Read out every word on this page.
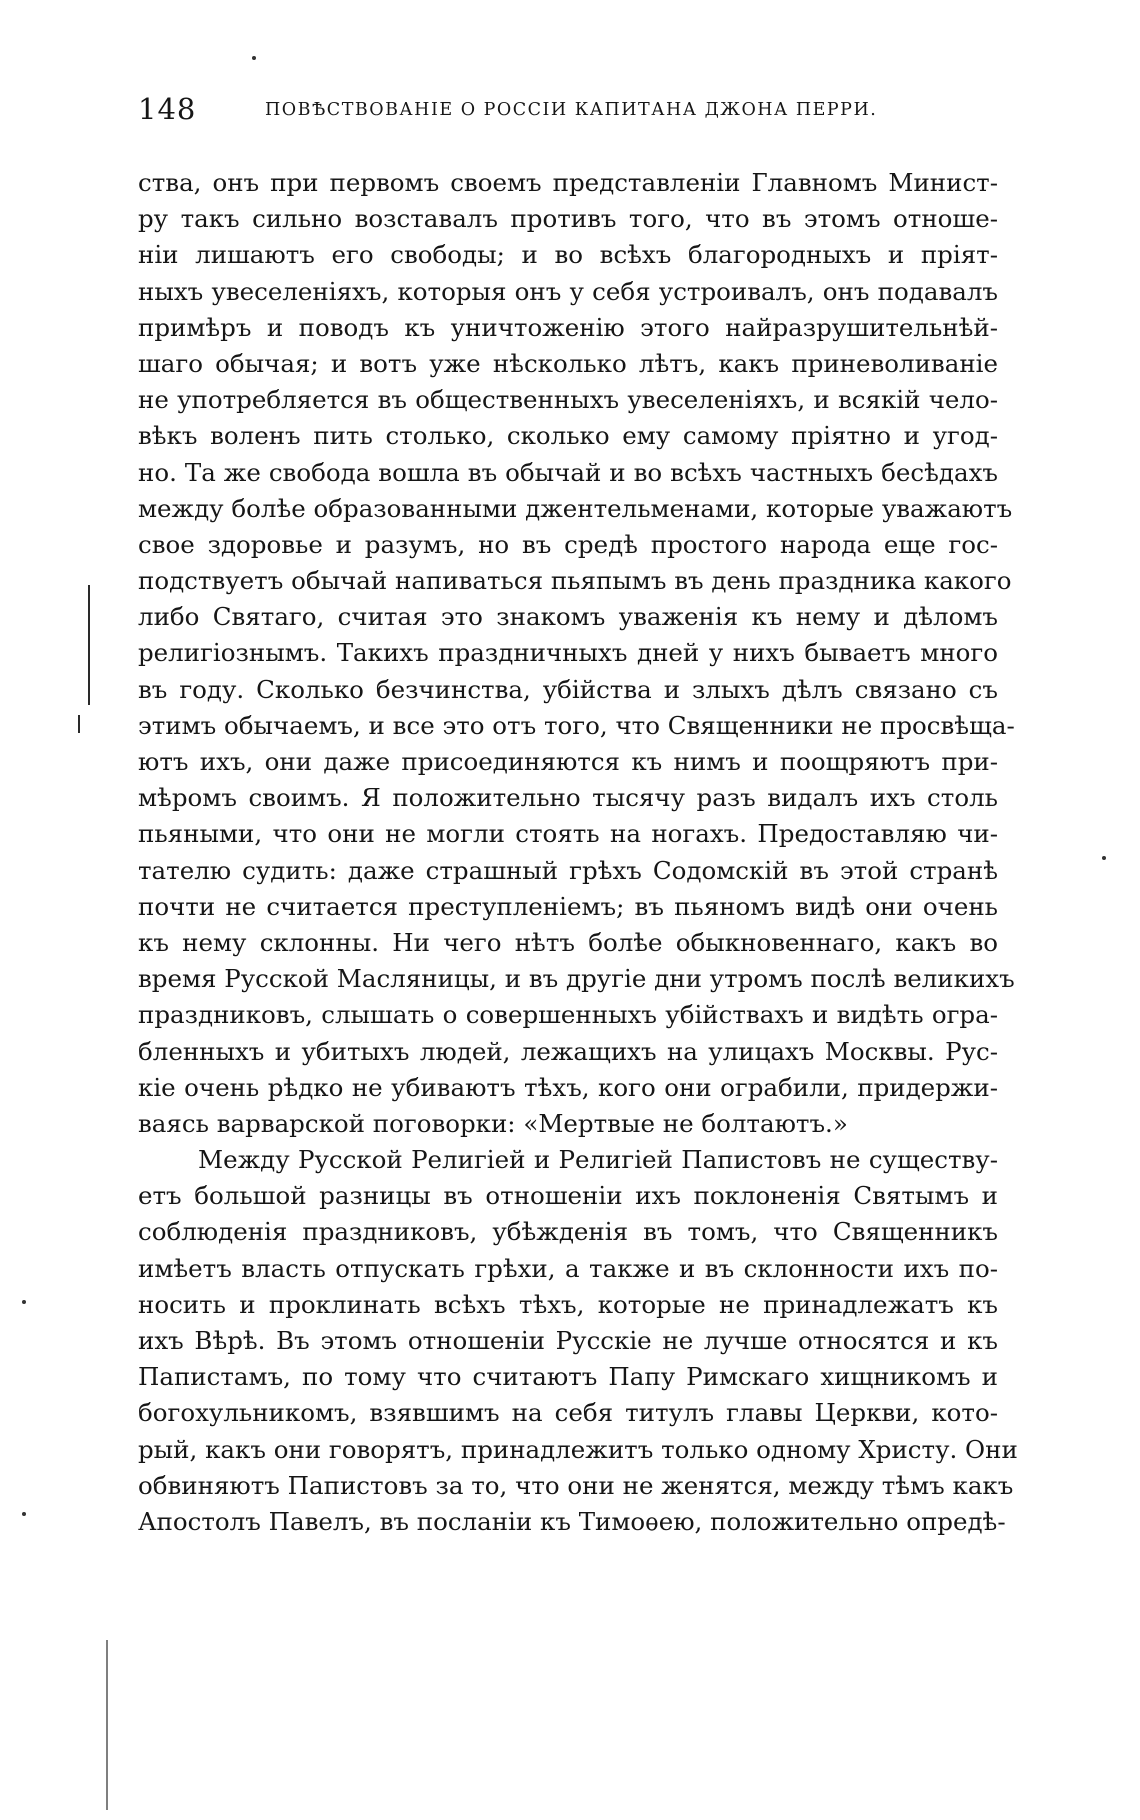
148	ПОВѢСТВОВАНІЕ О РОССІИ КАПИТАНА ДЖОНА ПЕРРИ.
ства, онъ при первомъ своемъ представленіи Главномъ Минист-
ру такъ сильно возставалъ противъ того, что въ этомъ отноше-
ніи лишаютъ его свободы; и во всѣхъ благородныхъ и пріят-
ныхъ увеселеніяхъ, которыя онъ у себя устроивалъ, онъ подавалъ
примѣръ и поводъ къ уничтоженію этого найразрушительнѣй-
шаго обычая; и вотъ уже нѣсколько лѣтъ, какъ приневоливаніе
не употребляется въ общественныхъ увеселеніяхъ, и всякій чело-
вѣкъ воленъ пить столько, сколько ему самому пріятно и угод-
но. Та же свобода вошла въ обычай и во всѣхъ частныхъ бесѣдахъ
между болѣе образованными джентельменами, которые уважаютъ
свое здоровье и разумъ, но въ средѣ простого народа еще гос-
подствуетъ обычай напиваться пьяпымъ въ день праздника какого
либо Святаго, считая это знакомъ уваженія къ нему и дѣломъ
религіознымъ. Такихъ праздничныхъ дней у нихъ бываетъ много
въ году. Сколько безчинства, убійства и злыхъ дѣлъ связано съ
этимъ обычаемъ, и все это отъ того, что Священники не просвѣща-
ютъ ихъ, они даже присоединяются къ нимъ и поощряютъ при-
мѣромъ своимъ. Я положительно тысячу разъ видалъ ихъ столь
пьяными, что они не могли стоять на ногахъ. Предоставляю чи-
тателю судить: даже страшный грѣхъ Содомскій въ этой странѣ
почти не считается преступленіемъ; въ пьяномъ видѣ они очень
къ нему склонны. Ни чего нѣтъ болѣе обыкновеннаго, какъ во
время Русской Масляницы, и въ другіе дни утромъ послѣ великихъ
праздниковъ, слышать о совершенныхъ убійствахъ и видѣть огра-
бленныхъ и убитыхъ людей, лежащихъ на улицахъ Москвы. Рус-
кіе очень рѣдко не убиваютъ тѣхъ, кого они ограбили, придержи-
ваясь варварской поговорки: «Мертвые не болтаютъ.»
Между Русской Религіей и Религіей Папистовъ не существу-
етъ большой разницы въ отношеніи ихъ поклоненія Святымъ и
соблюденія праздниковъ, убѣжденія въ томъ, что Священникъ
имѣетъ власть отпускать грѣхи, а также и въ склонности ихъ по-
носить и проклинать всѣхъ тѣхъ, которые не принадлежатъ къ
ихъ Вѣрѣ. Въ этомъ отношеніи Русскіе не лучше относятся и къ
Папистамъ, по тому что считаютъ Папу Римскаго хищникомъ и
богохульникомъ, взявшимъ на себя титулъ главы Церкви, кото-
рый, какъ они говорятъ, принадлежитъ только одному Христу. Они
обвиняютъ Папистовъ за то, что они не женятся, между тѣмъ какъ
Апостолъ Павелъ, въ посланіи къ Тимоѳею, положительно опредѣ-
